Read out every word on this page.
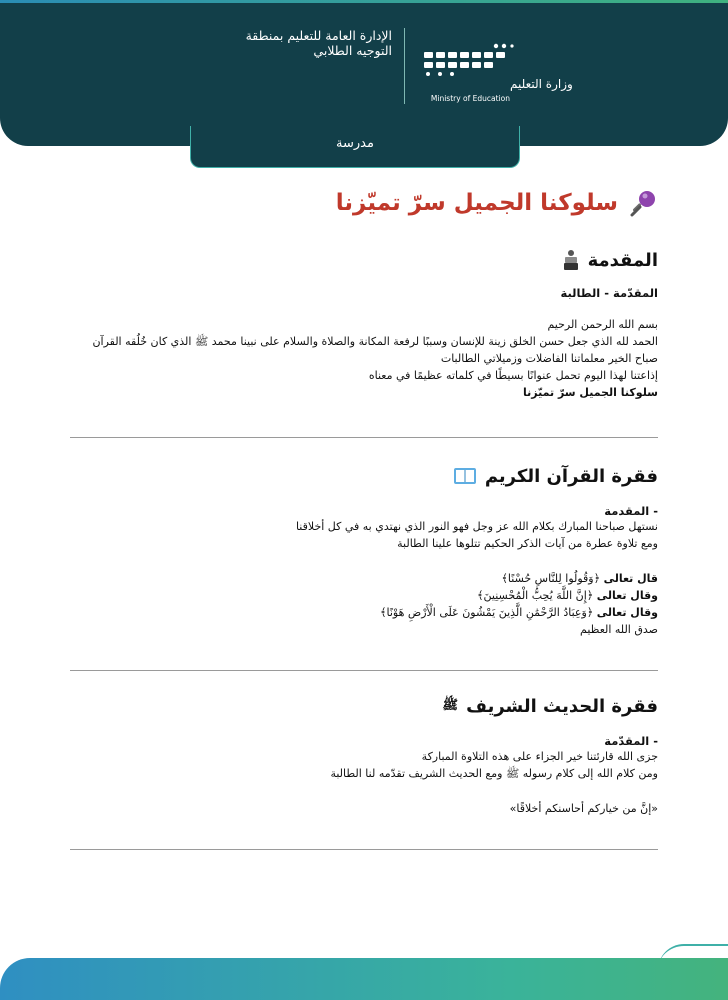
وزارة التعليم
Ministry of Education
الإدارة العامة للتعليم بمنطقة
التوجيه الطلابي
مدرسة
سلوكنا الجميل سرّ تميّزنا
المقدمة
المقدّمة - الطالبة
بسم الله الرحمن الرحيم
الحمد لله الذي جعل حسن الخلق زينة للإنسان وسببًا لرفعة المكانة والصلاة والسلام على نبينا محمد ﷺ الذي كان خُلُقه القرآن
صباح الخير معلماتنا الفاضلات وزميلاتي الطالبات
إذاعتنا لهذا اليوم تحمل عنوانًا بسيطًا في كلماته عظيمًا في معناه
سلوكنا الجميل سرّ تميّزنا
فقرة القرآن الكريم
- المقدمة
نستهل صباحنا المبارك بكلام الله عز وجل فهو النور الذي نهتدي به في كل أخلاقنا
ومع تلاوة عطرة من آيات الذكر الحكيم تتلوها علينا الطالبة
قال تعالى ﴿وَقُولُوا لِلنَّاسِ حُسْنًا﴾
وقال تعالى ﴿إِنَّ اللَّهَ يُحِبُّ الْمُحْسِنِينَ﴾
وقال تعالى ﴿وَعِبَادُ الرَّحْمَٰنِ الَّذِينَ يَمْشُونَ عَلَى الْأَرْضِ هَوْنًا﴾
صدق الله العظيم
فقرة الحديث الشريف
ﷺ
- المقدّمة
جزى الله قارئتنا خير الجزاء على هذه التلاوة المباركة
ومن كلام الله إلى كلام رسوله ﷺ ومع الحديث الشريف تقدّمه لنا الطالبة
«إنَّ من خياركم أحاسنكم أخلاقًا»
